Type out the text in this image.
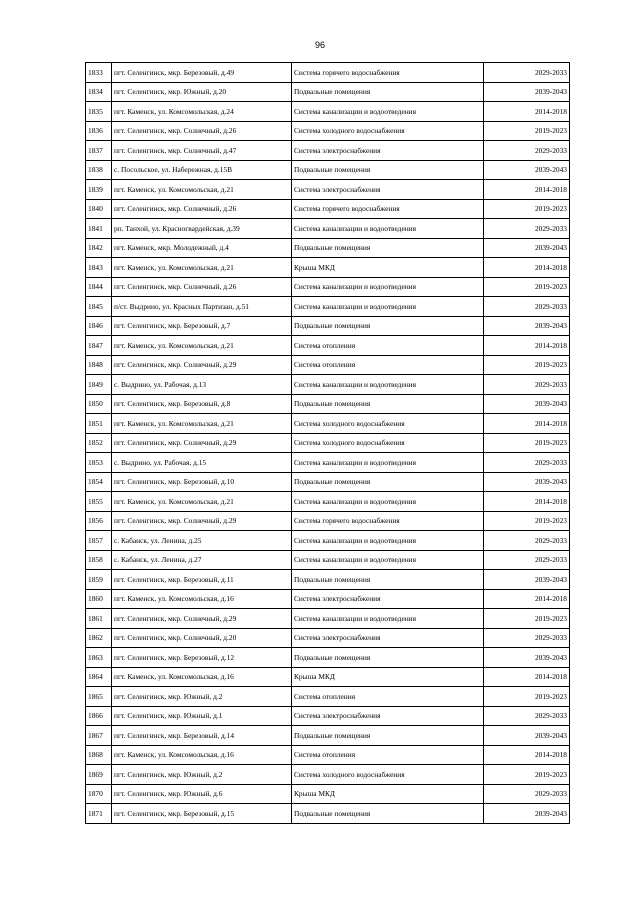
96
1833	пгт. Селенгинск, мкр. Березовый, д.49	Система горячего водоснабжения	2029-2033
1834	пгт. Селенгинск, мкр. Южный, д.20	Подвальные помещения	2039-2043
1835	пгт. Каменск, ул. Комсомольская, д.24	Система канализации и водоотведения	2014-2018
1836	пгт. Селенгинск, мкр. Солнечный, д.26	Система холодного водоснабжения	2019-2023
1837	пгт. Селенгинск, мкр. Солнечный, д.47	Система электроснабжения	2029-2033
1838	с. Посольское, ул. Набережная, д.15В	Подвальные помещения	2039-2043
1839	пгт. Каменск, ул. Комсомольская, д.21	Система электроснабжения	2014-2018
1840	пгт. Селенгинск, мкр. Солнечный, д.26	Система горячего водоснабжения	2019-2023
1841	рп. Танхой, ул. Красногвардейская, д.39	Система канализации и водоотведения	2029-2033
1842	пгт. Каменск, мкр. Молодежный, д.4	Подвальные помещения	2039-2043
1843	пгт. Каменск, ул. Комсомольская, д.21	Крыша МКД	2014-2018
1844	пгт. Селенгинск, мкр. Солнечный, д.26	Система канализации и водоотведения	2019-2023
1845	п/ст. Выдрино, ул. Красных Партизан, д.51	Система канализации и водоотведения	2029-2033
1846	пгт. Селенгинск, мкр. Березовый, д.7	Подвальные помещения	2039-2043
1847	пгт. Каменск, ул. Комсомольская, д.21	Система отопления	2014-2018
1848	пгт. Селенгинск, мкр. Солнечный, д.29	Система отопления	2019-2023
1849	с. Выдрино, ул. Рабочая, д.13	Система канализации и водоотведения	2029-2033
1850	пгт. Селенгинск, мкр. Березовый, д.8	Подвальные помещения	2039-2043
1851	пгт. Каменск, ул. Комсомольская, д.21	Система холодного водоснабжения	2014-2018
1852	пгт. Селенгинск, мкр. Солнечный, д.29	Система холодного водоснабжения	2019-2023
1853	с. Выдрино, ул. Рабочая, д.15	Система канализации и водоотведения	2029-2033
1854	пгт. Селенгинск, мкр. Березовый, д.10	Подвальные помещения	2039-2043
1855	пгт. Каменск, ул. Комсомольская, д.21	Система канализации и водоотведения	2014-2018
1856	пгт. Селенгинск, мкр. Солнечный, д.29	Система горячего водоснабжения	2019-2023
1857	с. Кабанск, ул. Ленина, д.25	Система канализации и водоотведения	2029-2033
1858	с. Кабанск, ул. Ленина, д.27	Система канализации и водоотведения	2029-2033
1859	пгт. Селенгинск, мкр. Березовый, д.11	Подвальные помещения	2039-2043
1860	пгт. Каменск, ул. Комсомольская, д.16	Система электроснабжения	2014-2018
1861	пгт. Селенгинск, мкр. Солнечный, д.29	Система канализации и водоотведения	2019-2023
1862	пгт. Селенгинск, мкр. Солнечный, д.20	Система электроснабжения	2029-2033
1863	пгт. Селенгинск, мкр. Березовый, д.12	Подвальные помещения	2039-2043
1864	пгт. Каменск, ул. Комсомольская, д.16	Крыша МКД	2014-2018
1865	пгт. Селенгинск, мкр. Южный, д.2	Система отопления	2019-2023
1866	пгт. Селенгинск, мкр. Южный, д.1	Система электроснабжения	2029-2033
1867	пгт. Селенгинск, мкр. Березовый, д.14	Подвальные помещения	2039-2043
1868	пгт. Каменск, ул. Комсомольская, д.16	Система отопления	2014-2018
1869	пгт. Селенгинск, мкр. Южный, д.2	Система холодного водоснабжения	2019-2023
1870	пгт. Селенгинск, мкр. Южный, д.6	Крыша МКД	2029-2033
1871	пгт. Селенгинск, мкр. Березовый, д.15	Подвальные помещения	2039-2043
